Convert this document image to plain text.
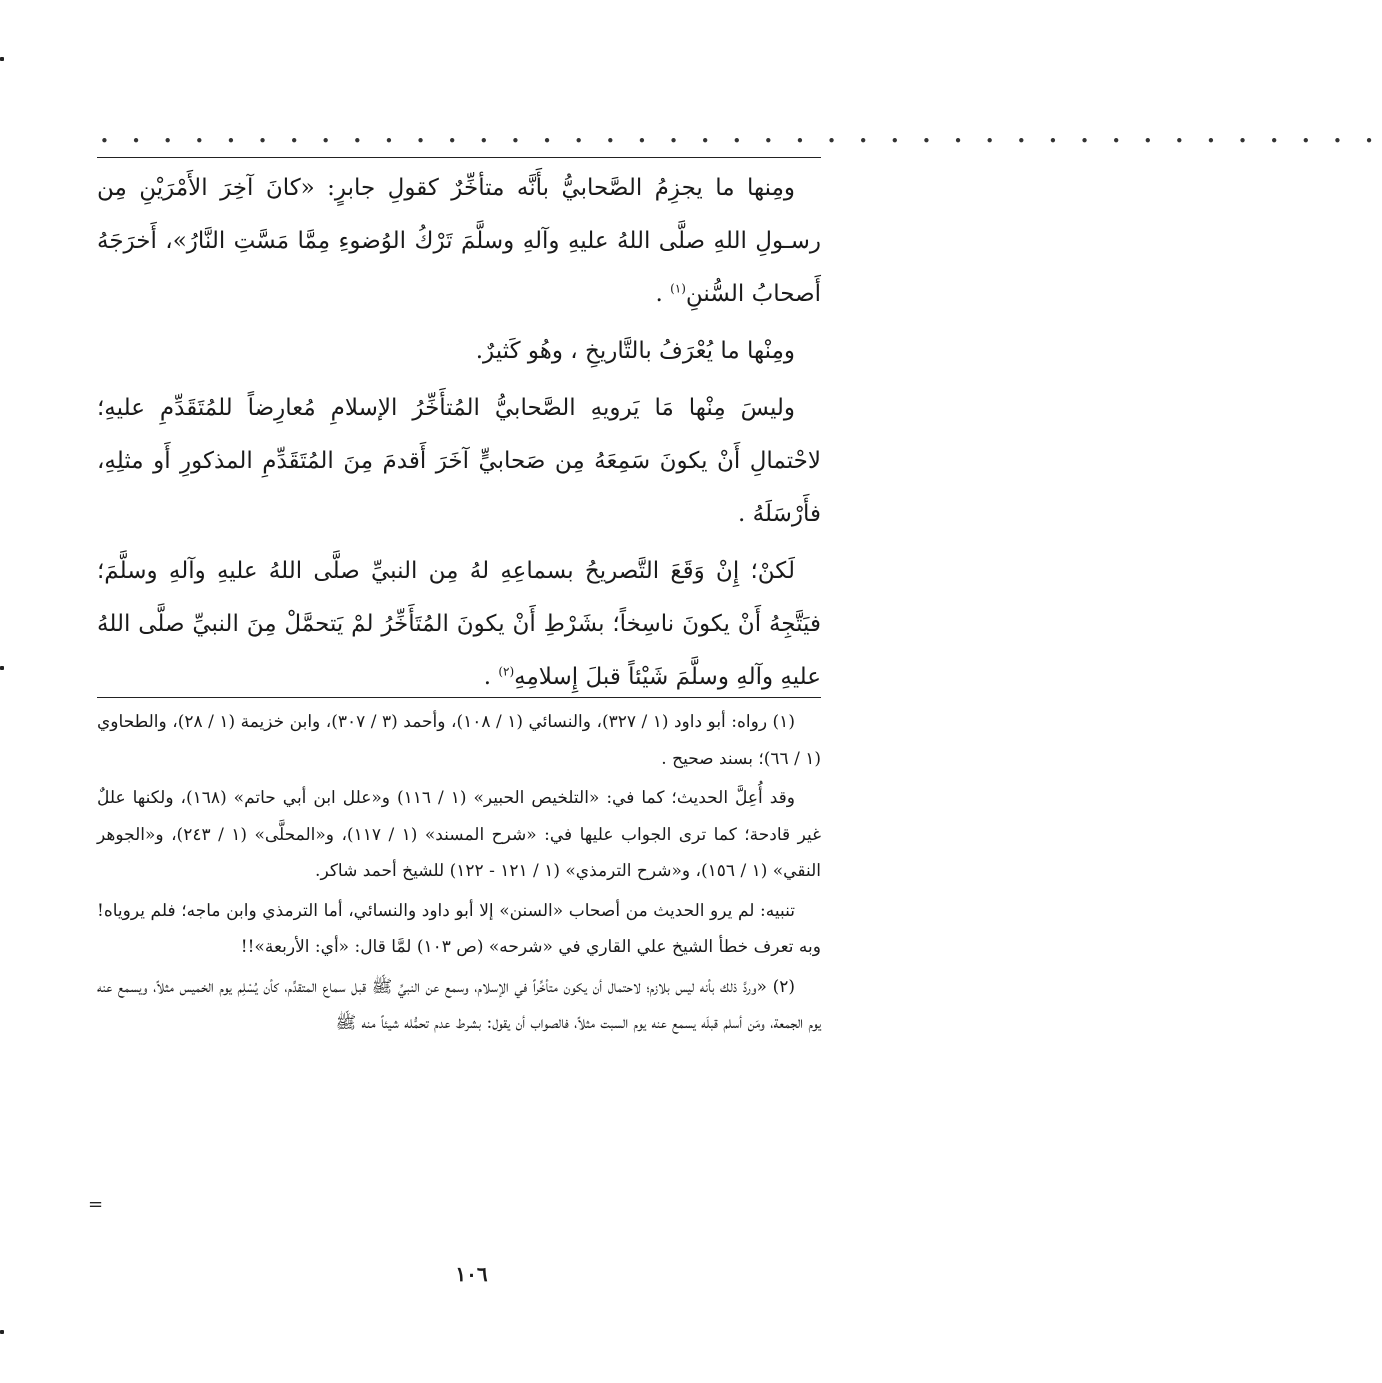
• • • • • • • • • • • • • • • • • • • • • • • • • • • • • • • • • • • • • • • • •

ومِنها ما يجزِمُ الصَّحابيُّ بأَنَّه متأخِّرٌ كقولِ جابرٍ: «كانَ آخِرَ الأَمْرَيْنِ مِن رسـولِ اللهِ صلَّى اللهُ عليهِ وآلهِ وسلَّمَ تَرْكُ الوُضوءِ مِمَّا مَسَّتِ النَّارُ»، أَخرَجَهُ أَصحابُ السُّننِ$^{(١)}$ .

ومِنْها ما يُعْرَفُ بالتَّاريخِ ، وهُو كَثيرٌ.

وليسَ مِنْها مَا يَرويهِ الصَّحابيُّ المُتأَخِّرُ الإسلامِ مُعارِضاً للمُتَقَدِّمِ عليهِ؛ لاحْتمالِ أَنْ يكونَ سَمِعَهُ مِن صَحابيٍّ آخَرَ أَقدمَ مِنَ المُتَقَدِّمِ المذكورِ أَو مثلِهِ، فأَرْسَلَهُ .

لَكنْ؛ إِنْ وَقَعَ التَّصريحُ بسماعِهِ لهُ مِن النبيِّ صلَّى اللهُ عليهِ وآلهِ وسلَّمَ؛ فيَتَّجِهُ أَنْ يكونَ ناسِخاً؛ بشَرْطِ أَنْ يكونَ المُتَأَخِّرُ لمْ يَتحمَّلْ مِنَ النبيِّ صلَّى اللهُ عليهِ وآلهِ وسلَّمَ شَيْئاً قبلَ إِسلامِهِ$^{(٢)}$ .

(١) رواه: أبو داود (١ / ٣٢٧)، والنسائي (١ / ١٠٨)، وأحمد (٣ / ٣٠٧)، وابن خزيمة (١ / ٢٨)، والطحاوي (١ / ٦٦)؛ بسند صحيح .

وقد أُعِلَّ الحديث؛ كما في: «التلخيص الحبير» (١ / ١١٦) و«علل ابن أبي حاتم» (١٦٨)، ولكنها عللٌ غير قادحة؛ كما ترى الجواب عليها في: «شرح المسند» (١ / ١١٧)، و«المحلَّى» (١ / ٢٤٣)، و«الجوهر النقي» (١ / ١٥٦)، و«شرح الترمذي» (١ / ١٢١ - ١٢٢) للشيخ أحمد شاكر.

تنبيه: لم يرو الحديث من أصحاب «السنن» إلا أبو داود والنسائي، أما الترمذي وابن ماجه؛ فلم يروياه! وبه تعرف خطأ الشيخ علي القاري في «شرحه» (ص ١٠٣) لمَّا قال: «أي: الأربعة»!!

(٢) «وردَّ ذلك بأنه ليس بلازم؛ لاحتمال أن يكون متأخِّراً في الإسلام، وسمع عن النبيِّ ﷺ قبل سماع المتقدِّم، كأن يُسْلِم يوم الخميس مثلاً، ويسمع عنه يوم الجمعة، ومَن أسلم قبلَه يسمع عنه يوم السبت مثلاً، فالصواب أن يقول: بشرط عدم تحمُّله شيئاً منه ﷺ

=
١٠٦
